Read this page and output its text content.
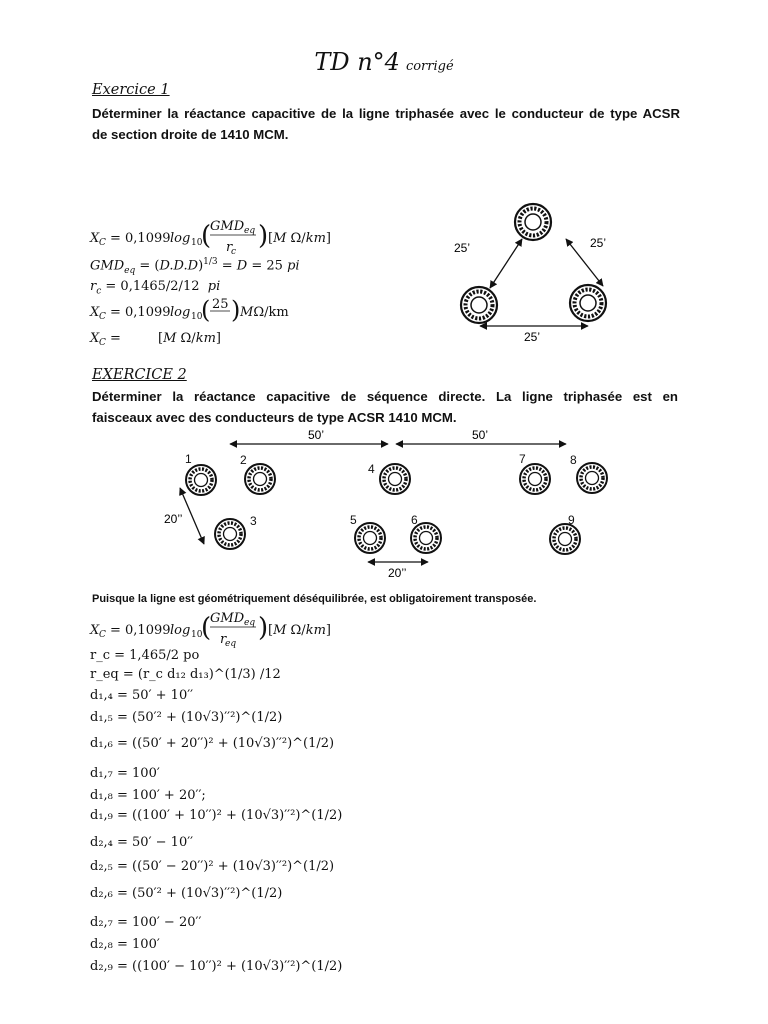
TD n°4 corrigé
Exercice 1
Déterminer la réactance capacitive de la ligne triphasée avec le conducteur de type ACSR
de section droite de 1410 MCM.
X C = 0,1099 log 10
(
GMD eq
r
c
) [M Ω/km]
$GMD_{eq} = (D.D.D)^{1/3} = D = 25$ pi
$r_c = 0,1465/2/12$  pi
X C = 0,1099 log 10
( 25 ) MΩ/km
X C =	[M Ω/km]
25’	25’
25’
EXERCICE 2
Déterminer la réactance capacitive de séquence directe. La ligne triphasée est en
faisceaux avec des conducteurs de type ACSR 1410 MCM.
50’	50’
1	2
3
4
5	6
7	8
9
20’’
20’’
Puisque la ligne est géométriquement déséquilibrée, est obligatoirement transposée.
X C = 0,1099 log 10
(
GMD eq
r
eq
) [M Ω/km]
r_c = 1,465/2 po
r_eq = (r_c d₁₂ d₁₃)^(1/3) /12
d₁,₄ = 50′ + 10′′
d₁,₅ = (50′² + (10√3)′′²)^(1/2)
d₁,₆ = ((50′ + 20′′)² + (10√3)′′²)^(1/2)
d₁,₇ = 100′
d₁,₈ = 100′ + 20′′;
d₁,₉ = ((100′ + 10′′)² + (10√3)′′²)^(1/2)
d₂,₄ = 50′ − 10′′
d₂,₅ = ((50′ − 20′′)² + (10√3)′′²)^(1/2)
d₂,₆ = (50′² + (10√3)′′²)^(1/2)
d₂,₇ = 100′ − 20′′
d₂,₈ = 100′
d₂,₉ = ((100′ − 10′′)² + (10√3)′′²)^(1/2)
